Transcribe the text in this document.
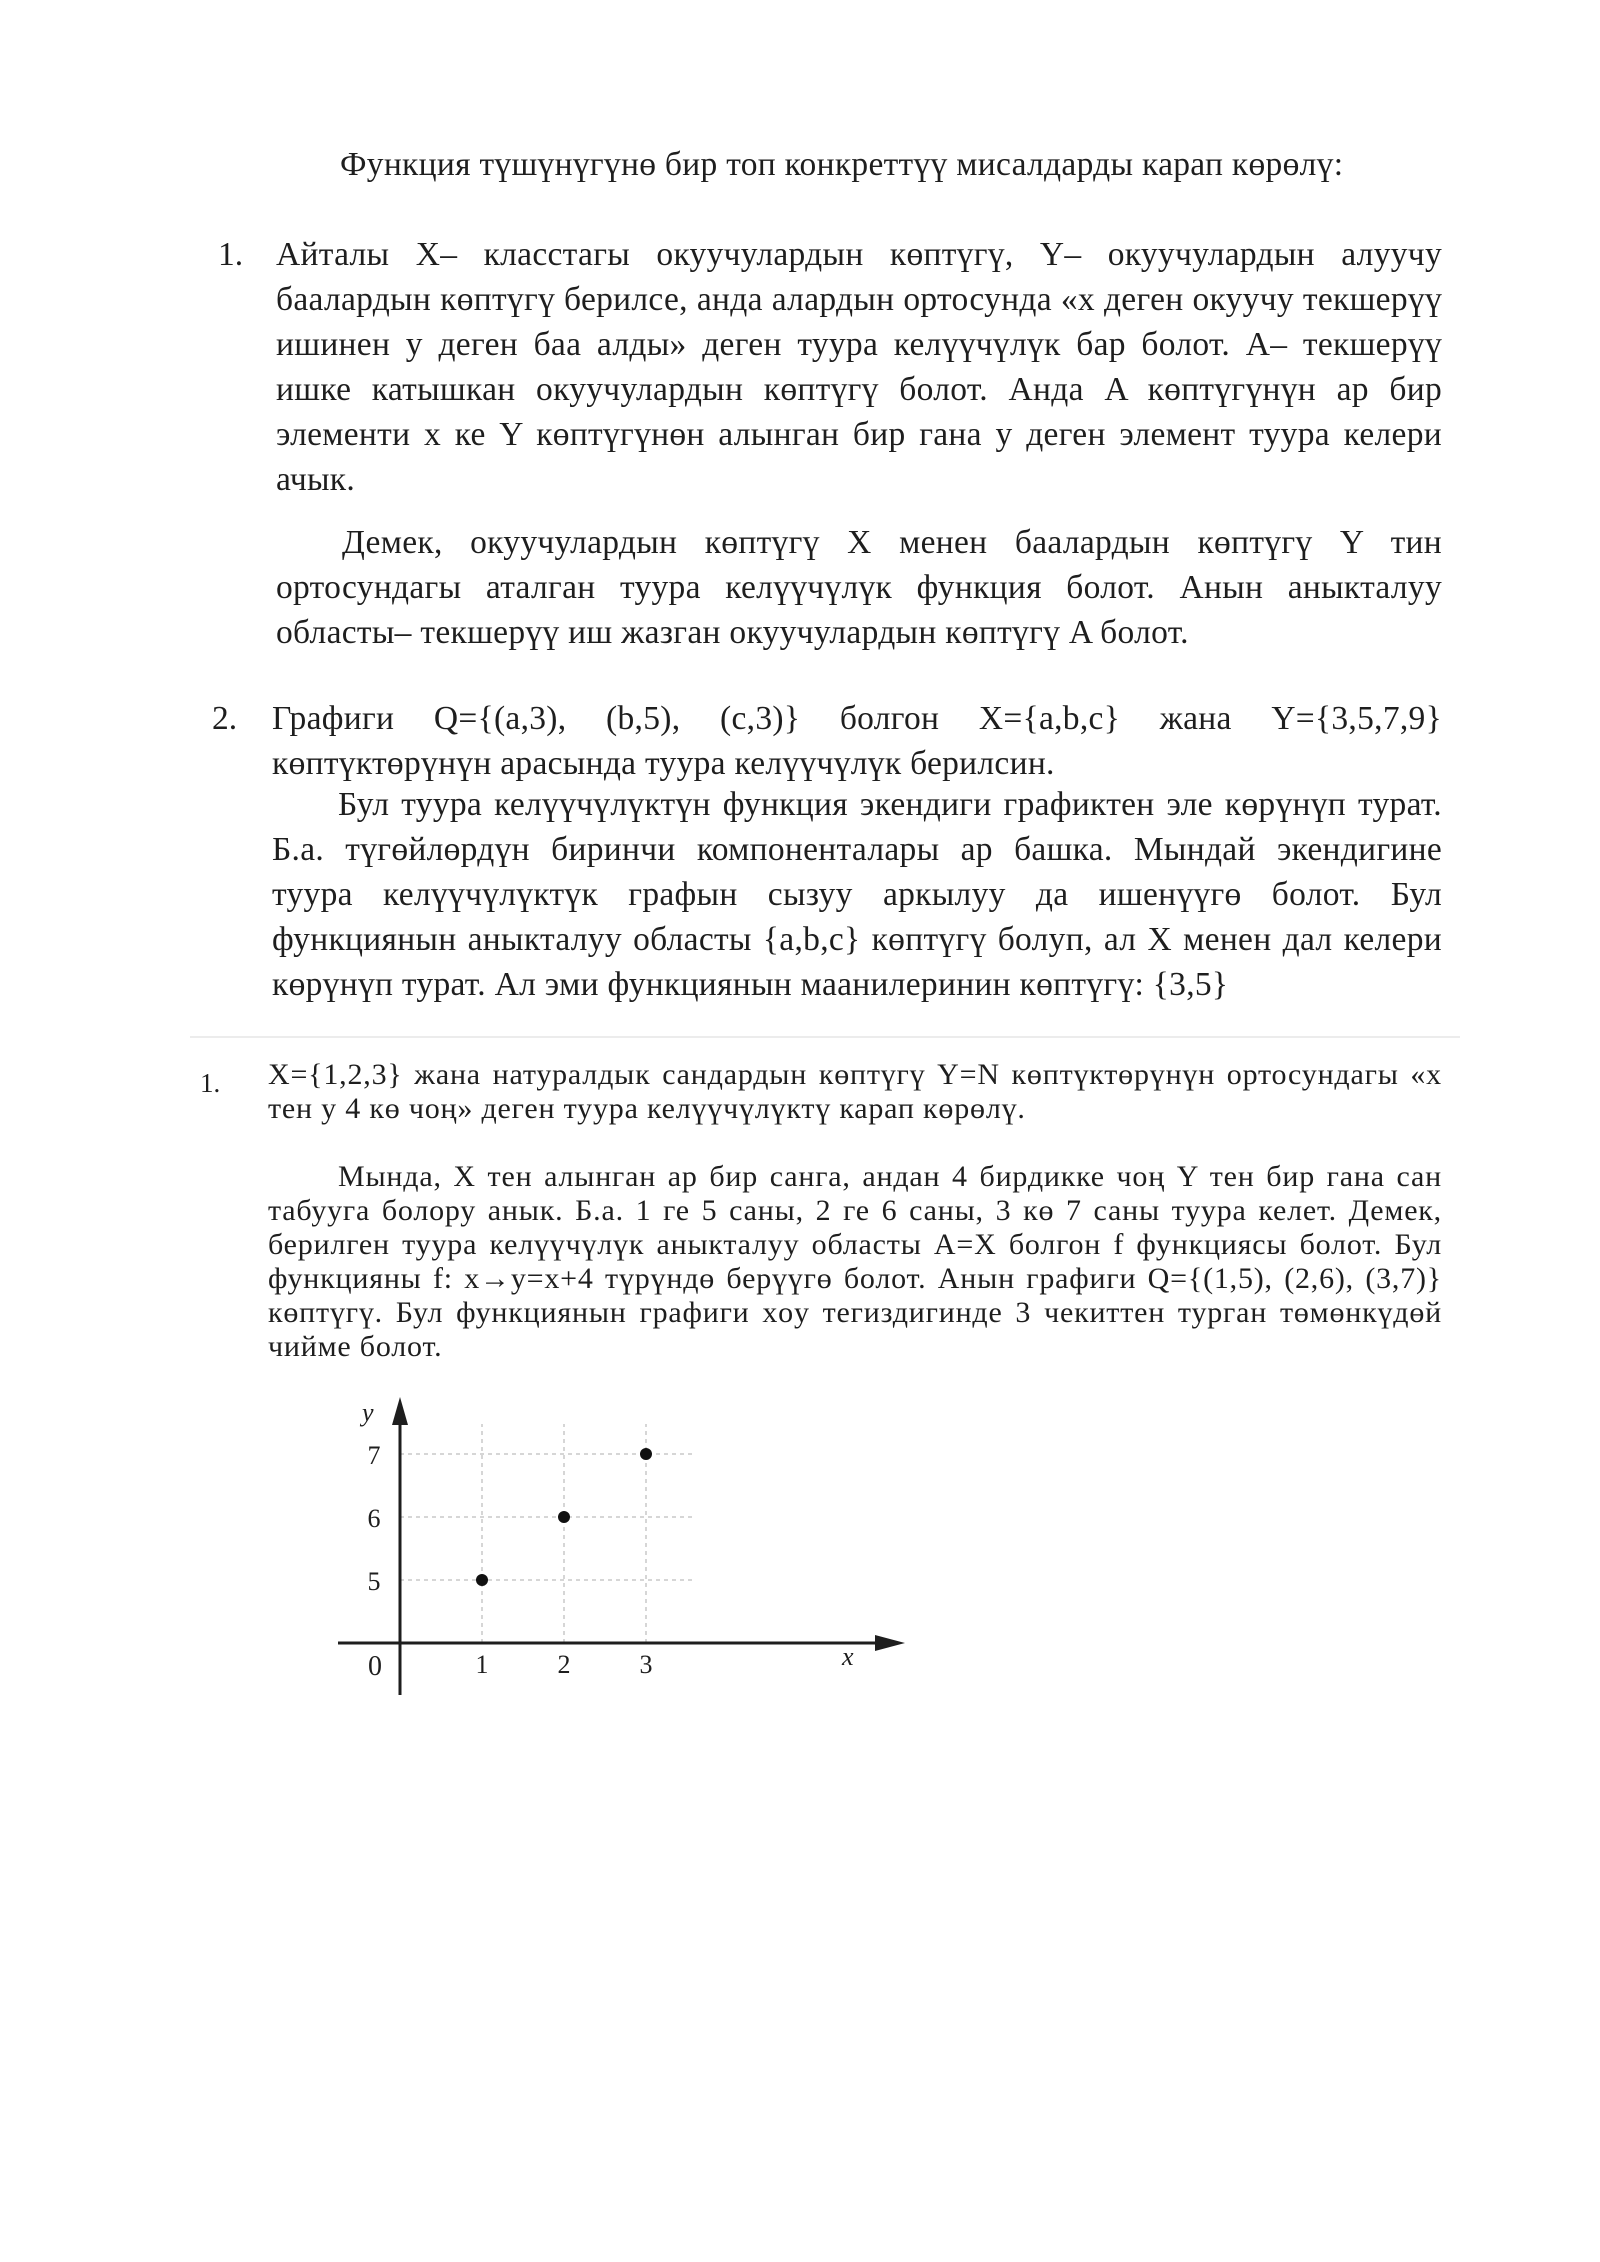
Функция түшүнүгүнө бир топ конкреттүү мисалдарды карап көрөлү:

1. Айталы X– класстагы окуучулардын көптүгү, Y– окуучулардын алуучу баалардын көптүгү берилсе, анда алардын ортосунда «x деген окуучу текшерүү ишинен y деген баа алды» деген туура келүүчүлүк бар болот. A– текшерүү ишке катышкан окуучулардын көптүгү болот. Анда A көптүгүнүн ар бир элементи x ке Y көптүгүнөн алынган бир гана y деген элемент туура келери ачык.

Демек, окуучулардын көптүгү X менен баалардын көптүгү Y тин ортосундагы аталган туура келүүчүлүк функция болот. Анын аныкталуу областы– текшерүү иш жазган окуучулардын көптүгү A болот.

2. Графиги Q={(a,3), (b,5), (c,3)} болгон X={a,b,c} жана Y={3,5,7,9} көптүктөрүнүн арасында туура келүүчүлүк берилсин.

Бул туура келүүчүлүктүн функция экендиги графиктен эле көрүнүп турат. Б.а. түгөйлөрдүн биринчи компоненталары ар башка. Мындай экендигине туура келүүчүлүктүк графын сызуу аркылуу да ишенүүгө болот. Бул функциянын аныкталуу областы {a,b,c} көптүгү болуп, ал X менен дал келери көрүнүп турат. Ал эми функциянын маанилеринин көптүгү: {3,5}

1. X={1,2,3} жана натуралдык сандардын көптүгү Y=N көптүктөрүнүн ортосундагы «x тен y 4 кө чоң» деген туура келүүчүлүктү карап көрөлү.

Мында, X тен алынган ар бир санга, андан 4 бирдикке чоң Y тен бир гана сан табууга болору анык. Б.а. 1 ге 5 саны, 2 ге 6 саны, 3 кө 7 саны туура келет. Демек, берилген туура келүүчүлүк аныкталуу областы A=X болгон f функциясы болот. Бул функцияны f: x→y=x+4 түрүндө берүүгө болот. Анын графиги Q={(1,5), (2,6), (3,7)} көптүгү. Бул функциянын графиги xoy тегиздигинде 3 чекиттен турган төмөнкүдөй чийме болот.

0	x
y
1	2	3
5
6
7
